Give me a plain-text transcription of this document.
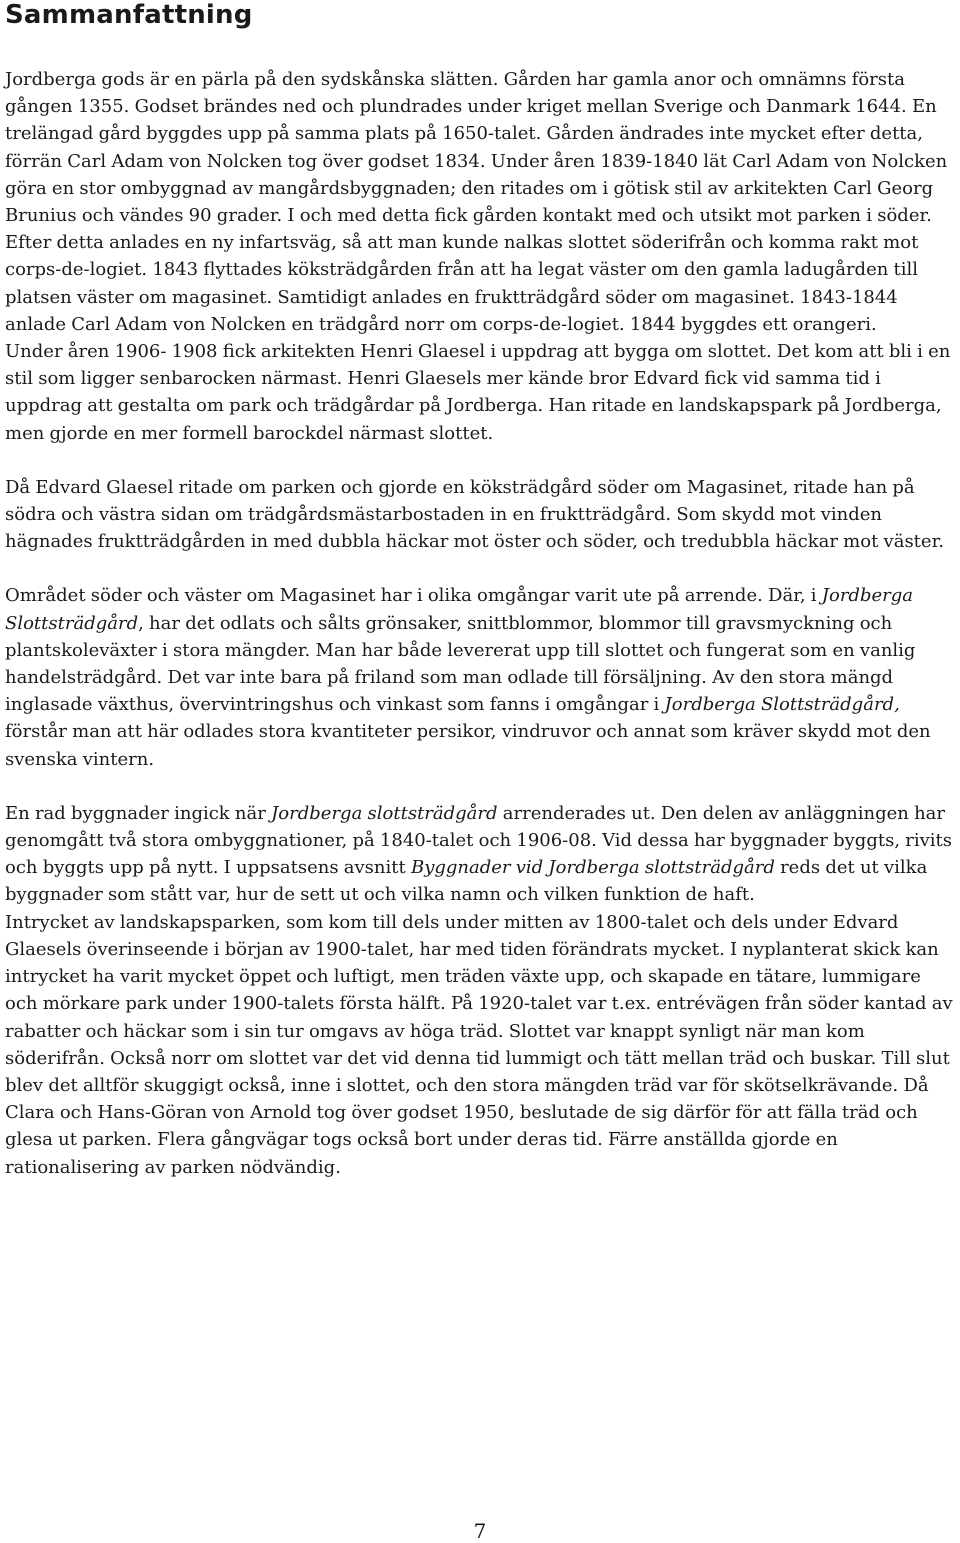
Sammanfattning

Jordberga gods är en pärla på den sydskånska slätten. Gården har gamla anor och omnämns första gången 1355. Godset brändes ned och plundrades under kriget mellan Sverige och Danmark 1644. En trelängad gård byggdes upp på samma plats på 1650-talet. Gården ändrades inte mycket efter detta, förrän Carl Adam von Nolcken tog över godset 1834. Under åren 1839-1840 lät Carl Adam von Nolcken göra en stor ombyggnad av mangårdsbyggnaden; den ritades om i götisk stil av arkitekten Carl Georg Brunius och vändes 90 grader. I och med detta fick gården kontakt med och utsikt mot parken i söder. Efter detta anlades en ny infartsväg, så att man kunde nalkas slottet söderifrån och komma rakt mot corps-de-logiet. 1843 flyttades köksträdgården från att ha legat väster om den gamla ladugården till platsen väster om magasinet. Samtidigt anlades en fruktträdgård söder om magasinet. 1843-1844 anlade Carl Adam von Nolcken en trädgård norr om corps-de-logiet. 1844 byggdes ett orangeri.

Under åren 1906- 1908 fick arkitekten Henri Glaesel i uppdrag att bygga om slottet. Det kom att bli i en stil som ligger senbarocken närmast. Henri Glaesels mer kände bror Edvard fick vid samma tid i uppdrag att gestalta om park och trädgårdar på Jordberga. Han ritade en landskapspark på Jordberga, men gjorde en mer formell barockdel närmast slottet.

Då Edvard Glaesel ritade om parken och gjorde en köksträdgård söder om Magasinet, ritade han på södra och västra sidan om trädgårdsmästarbostaden in en fruktträdgård. Som skydd mot vinden hägnades fruktträdgården in med dubbla häckar mot öster och söder, och tredubbla häckar mot väster.

Området söder och väster om Magasinet har i olika omgångar varit ute på arrende. Där, i Jordberga Slottsträdgård, har det odlats och sålts grönsaker, snittblommor, blommor till gravsmyckning och plantskoleväxter i stora mängder. Man har både levererat upp till slottet och fungerat som en vanlig handelsträdgård. Det var inte bara på friland som man odlade till försäljning. Av den stora mängd inglasade växthus, övervintringshus och vinkast som fanns i omgångar i Jordberga Slottsträdgård, förstår man att här odlades stora kvantiteter persikor, vindruvor och annat som kräver skydd mot den svenska vintern.

En rad byggnader ingick när Jordberga slottsträdgård arrenderades ut. Den delen av anläggningen har genomgått två stora ombyggnationer, på 1840-talet och 1906-08. Vid dessa har byggnader byggts, rivits och byggts upp på nytt. I uppsatsens avsnitt Byggnader vid Jordberga slottsträdgård reds det ut vilka byggnader som stått var, hur de sett ut och vilka namn och vilken funktion de haft.

Intrycket av landskapsparken, som kom till dels under mitten av 1800-talet och dels under Edvard Glaesels överinseende i början av 1900-talet, har med tiden förändrats mycket. I nyplanterat skick kan intrycket ha varit mycket öppet och luftigt, men träden växte upp, och skapade en tätare, lummigare och mörkare park under 1900-talets första hälft. På 1920-talet var t.ex. entrévägen från söder kantad av rabatter och häckar som i sin tur omgavs av höga träd. Slottet var knappt synligt när man kom söderifrån. Också norr om slottet var det vid denna tid lummigt och tätt mellan träd och buskar. Till slut blev det alltför skuggigt också, inne i slottet, och den stora mängden träd var för skötselkrävande. Då Clara och Hans-Göran von Arnold tog över godset 1950, beslutade de sig därför för att fälla träd och glesa ut parken. Flera gångvägar togs också bort under deras tid. Färre anställda gjorde en rationalisering av parken nödvändig.

7
